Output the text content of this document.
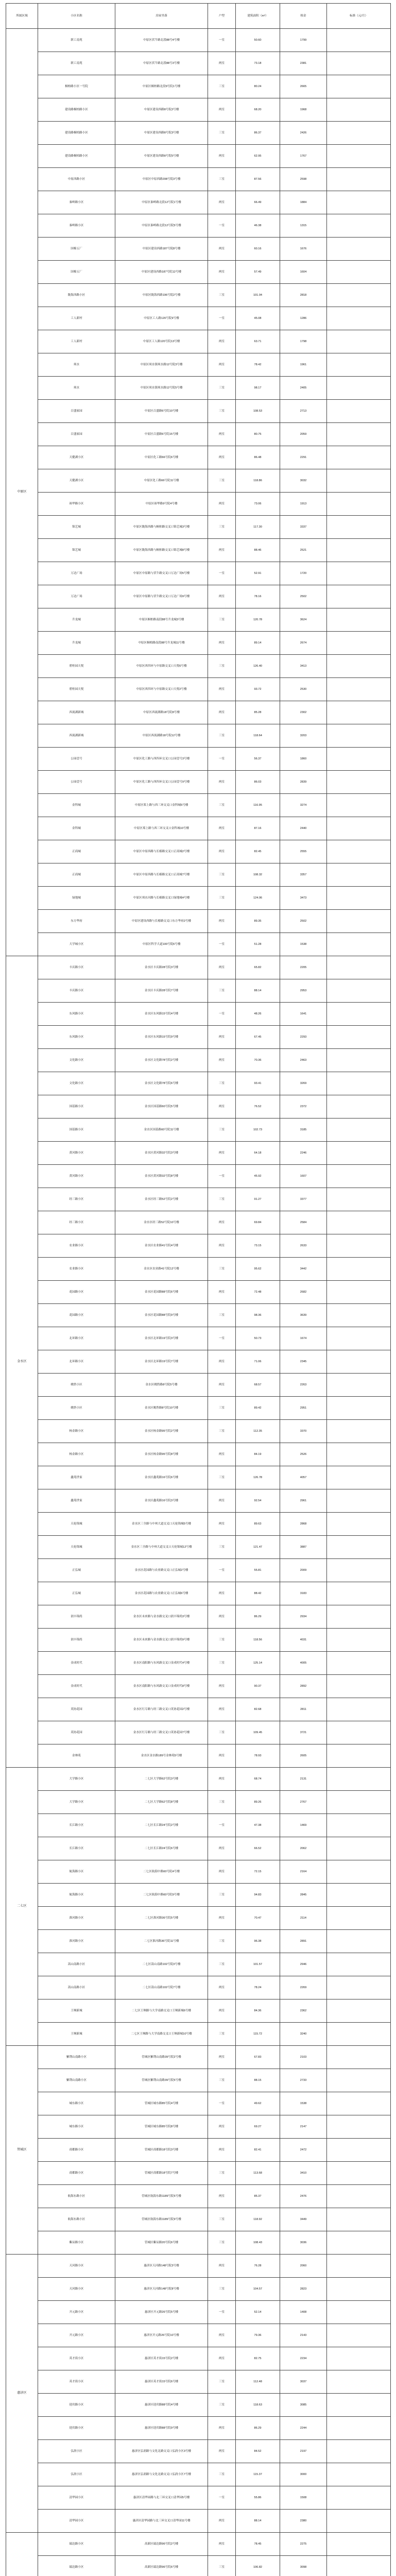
所属区域	小区名称	房屋坐落	户型	建筑面积（m²）	租金	标准（元/月）
中原区	职工南苑	中原区伏牛路北段88号4号楼	一室	50.60	1799	
	职工南苑	中原区伏牛路北段88号3号楼	两室	73.18	2381	
	桐柏路小区一号院	中原区桐柏路北段9号院1号楼	三室	80.24	2665	
	建设路桐柏路小区	中原区建设西路8号院2号楼	两室	68.20	1968	
	建设路桐柏路小区	中原区建设西路8号院3号楼	三室	86.37	2426	
	建设路桐柏路小区	中原区建设西路8号院5号楼	两室	62.95	1767	
	中原西路小区	中原区中原西路208号院3号楼	三室	87.56	2598	
	秦岭路小区	中原区秦岭路北段12号院1号楼	两室	66.49	1884	
	秦岭路小区	中原区秦岭路北段12号院5号楼	一室	46.38	1315	
	国棉五厂	中原区建设西路187号院8号楼	两室	60.16	1676	
	国棉五厂	中原区建设西路187号院12号楼	两室	57.49	1604	
	陇海西路小区	中原区陇海西路196号院2号楼	三室	101.04	2818	
	工人新村	中原区工人路120号院9号楼	一室	45.08	1286	
	工人新村	中原区工人路120号院13号楼	两室	63.71	1798	
	须水	中原区须水镇须水路12号院3号楼	两室	78.42	1961	
	须水	中原区须水镇须水路12号院5号楼	三室	98.17	2405	
	百盛家园	中原区百盛路6号院10号楼	三室	108.53	2713	
	百盛家园	中原区百盛路6号院15号楼	两室	80.75	2059	
	天健湖小区	中原区化工路66号院6号楼	两室	86.48	2291	
	天健湖小区	中原区化工路66号院11号楼	三室	118.86	3032	
	裕华路小区	中原区裕华路9号院4号楼	两室	73.06	1913	
	锦艺城	中原区陇海西路与桐柏路交叉口锦艺城3号楼	三室	117.30	3337	
	锦艺城	中原区陇海西路与桐柏路交叉口锦艺城8号楼	两室	88.46	2521	
	万达广场	中原区中原路与伏牛路交叉口万达广场5号楼	一室	52.91	1720	
	万达广场	中原区中原路与伏牛路交叉口万达广场9号楼	两室	78.16	2502	
	升龙城	中原区桐柏路南段88号升龙城3号楼	三室	120.78	3624	
	升龙城	中原区桐柏路南段88号升龙城11号楼	两室	89.14	2674	
	碧桂园天悦	中原区西四环与中原路交叉口天悦6号楼	三室	126.40	3413	
	碧桂园天悦	中原区西四环与中原路交叉口天悦2号楼	两室	93.72	2530	
	西流湖新城	中原区西流湖路18号院8号楼	两室	85.28	2302	
	西流湖新城	中原区西流湖路18号院12号楼	三室	118.64	3203	
	公园壹号	中原区化工路与西四环交叉口公园壹号3号楼	一室	56.37	1860	
	公园壹号	中原区化工路与西四环交叉口公园壹号9号楼	两室	86.03	2839	
	金科城	中原区郑上路与西三环交叉口金科城5号楼	三室	116.95	3274	
	金科城	中原区郑上路与西三环交叉口金科城10号楼	两室	87.16	2440	
	正商城	中原区中原西路与长椿路交叉口正商城2号楼	两室	82.45	2555	
	正商城	中原区中原西路与长椿路交叉口正商城7号楼	三室	108.32	3357	
	绿地城	中原区须水河路与长椿路交叉口绿地城4号楼	三室	124.06	3473	
	东方华府	中原区建设西路与长椿路交叉口东方华府2号楼	两室	89.35	2502	
	大学城小区	中原区科学大道100号院6号楼	一室	51.28	1538	
金水区	丰庆路小区	金水区丰庆路28号院3号楼	两室	65.82	2205	
	丰庆路小区	金水区丰庆路28号院7号楼	三室	88.14	2953	
	东风路小区	金水区东风路15号院4号楼	一室	48.26	1641	
	东风路小区	金水区东风路15号院9号楼	两室	67.45	2293	
	文化路小区	金水区文化路78号院2号楼	两室	70.36	2463	
	文化路小区	金水区文化路78号院6号楼	三室	93.41	3269	
	国基路小区	金水区国基路60号院5号楼	两室	76.52	2372	
	国基路小区	金水区国基路60号院11号楼	三室	102.73	3185	
	黄河路小区	金水区黄河路32号院3号楼	两室	64.18	2246	
	黄河路小区	金水区黄河路32号院8号楼	一室	45.92	1607	
	经三路小区	金水区经三路52号院2号楼	三室	91.27	3377	
	经三路小区	金水区经三路52号院10号楼	两室	69.84	2584	
	农业路小区	金水区农业路41号院4号楼	两室	73.15	2633	
	农业路小区	金水区农业路41号院12号楼	三室	95.62	3442	
	花园路小区	金水区花园路88号院6号楼	两室	72.48	2682	
	花园路小区	金水区花园路88号院9号楼	三室	98.36	3639	
	北环路小区	金水区北环路19号院3号楼	一室	50.73	1674	
	北环路小区	金水区北环路19号院7号楼	两室	71.06	2345	
	姚砦小区	金水区姚砦路8号院5号楼	两室	68.57	2263	
	姚砦小区	金水区姚砦路8号院10号楼	三室	89.42	2951	
	杨金路小区	金水区杨金路95号院2号楼	三室	112.35	3370	
	杨金路小区	金水区杨金路95号院8号楼	两室	84.19	2526	
	鑫苑世家	金水区鑫苑路16号院6号楼	三室	126.78	4057	
	鑫苑世家	金水区鑫苑路16号院3号楼	两室	92.54	2961	
	天伦锦城	金水区三全路与中州大道交叉口天伦锦城5号楼	两室	89.63	2868	
	天伦锦城	金水区三全路与中州大道交叉口天伦锦城12号楼	三室	121.47	3887	
	正弘城	金水区花园路与农业路交叉口正弘城2号楼	一室	55.81	2009	
	正弘城	金水区花园路与农业路交叉口正弘城6号楼	两室	88.42	3183	
	润丰锦尚	金水区未来路与金水路交叉口润丰锦尚3号楼	两室	86.29	2934	
	润丰锦尚	金水区未来路与金水路交叉口润丰锦尚9号楼	三室	118.56	4031	
	金成时代	金水区南阳路与东风路交叉口金成时代4号楼	三室	125.14	4005	
	金成时代	金水区南阳路与东风路交叉口金成时代8号楼	两室	90.37	2892	
	英协花园	金水区红专路与经三路交叉口英协花园2号楼	两室	82.68	2811	
	英协花园	金水区红专路与经三路交叉口英协花园7号楼	三室	109.45	3721	
	金林苑	金水区金水路189号金林苑5号楼	两室	78.93	2605	
二七区	大学路小区	二七区大学路62号院3号楼	两室	68.74	2131	
	大学路小区	二七区大学路62号院8号楼	三室	89.26	2767	
	长江路小区	二七区长江路24号院2号楼	一室	47.38	1469	
	长江路小区	二七区长江路24号院6号楼	两室	66.52	2062	
	航海路小区	二七区航海中路60号院4号楼	两室	72.15	2164	
	航海路小区	二七区航海中路60号院9号楼	三室	94.83	2845	
	淮河路小区	二七区淮河路36号院5号楼	两室	70.47	2114	
	淮河路小区	二七区淮河路36号院11号楼	三室	96.38	2891	
	嵩山南路小区	二七区嵩山南路102号院3号楼	三室	101.57	2946	
	嵩山南路小区	二七区嵩山南路102号院7号楼	两室	78.24	2269	
	王垌新城	二七区王垌路与大学南路交叉口王垌新城6号楼	两室	84.36	2362	
	王垌新城	二七区王垌路与大学南路交叉口王垌新城10号楼	三室	115.72	3240	
管城区	紫荆山南路小区	管城区紫荆山南路39号院2号楼	两室	67.83	2103	
	紫荆山南路小区	管城区紫荆山南路39号院5号楼	三室	88.15	2733	
	城东路小区	管城区城东路85号院4号楼	一室	49.62	1538	
	城东路小区	管城区城东路85号院8号楼	两室	69.27	2147	
	商都路小区	管城区商都路18号院3号楼	两室	82.41	2472	
	商都路小区	管城区商都路18号院7号楼	三室	113.68	3410	
	航海东路小区	管城区航海东路1189号院5号楼	两室	85.37	2476	
	航海东路小区	管城区航海东路1189号院9号楼	三室	118.92	3449	
	紫辰路小区	管城区紫辰路20号院6号楼	三室	108.43	3036	
惠济区	天河路小区	惠济区天河路148号院3号楼	两室	76.28	2060	
	天河路小区	惠济区天河路148号院8号楼	三室	104.57	2823	
	开元路小区	惠济区开元路26号院5号楼	一室	52.14	1408	
	开元路小区	惠济区开元路26号院10号楼	两室	79.36	2143	
	英才街小区	惠济区英才街15号院2号楼	两室	82.75	2234	
	英才街小区	惠济区英才街15号院6号楼	三室	112.48	3037	
	迎宾路小区	惠济区迎宾路88号院4号楼	三室	118.63	3085	
	迎宾路小区	惠济区迎宾路88号院9号楼	两室	86.29	2244	
	弘润小区	惠济区弘润路与文化北路交叉口弘润小区3号楼	两室	84.52	2197	
	弘润小区	惠济区弘润路与文化北路交叉口弘润小区7号楼	三室	115.37	3000	
	清华园小区	惠济区清华园路与北三环交叉口清华园5号楼	一室	55.86	1508	
	清华园小区	惠济区清华园路与北三环交叉口清华园11号楼	两室	88.14	2380	
	瑞达路小区	高新区瑞达路96号院2号楼	两室	78.45	2275	
	瑞达路小区	高新区瑞达路96号院6号楼	三室	106.82	3098	
